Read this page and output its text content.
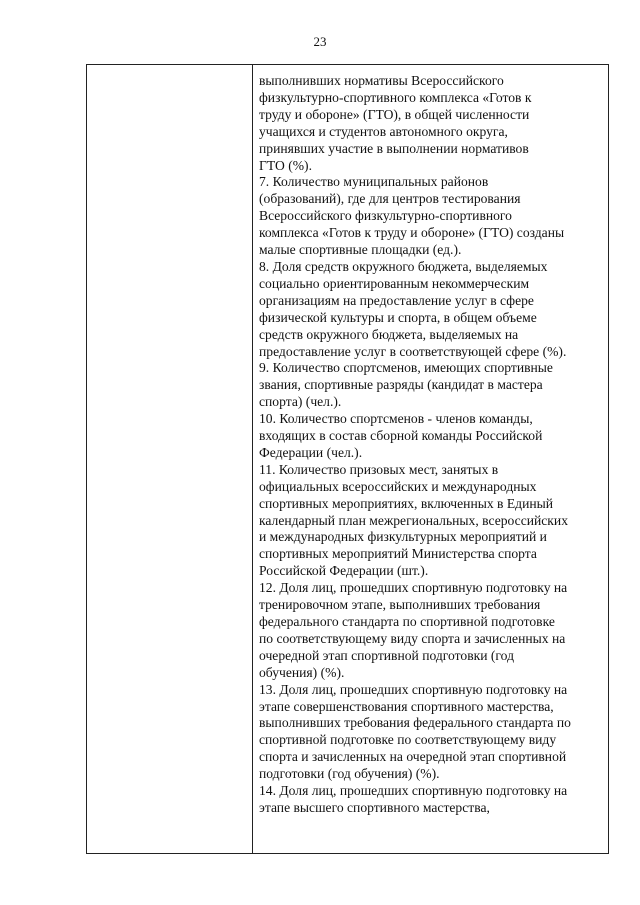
23
выполнивших нормативы Всероссийского
физкультурно-спортивного комплекса «Готов к
труду и обороне» (ГТО), в общей численности
учащихся и студентов автономного округа,
принявших участие в выполнении нормативов
ГТО (%).
7. Количество муниципальных районов
(образований), где для центров тестирования
Всероссийского физкультурно-спортивного
комплекса «Готов к труду и обороне» (ГТО) созданы
малые спортивные площадки (ед.).
8. Доля средств окружного бюджета, выделяемых
социально ориентированным некоммерческим
организациям на предоставление услуг в сфере
физической культуры и спорта, в общем объеме
средств окружного бюджета, выделяемых на
предоставление услуг в соответствующей сфере (%).
9. Количество спортсменов, имеющих спортивные
звания, спортивные разряды (кандидат в мастера
спорта) (чел.).
10. Количество спортсменов - членов команды,
входящих в состав сборной команды Российской
Федерации (чел.).
11. Количество призовых мест, занятых в
официальных всероссийских и международных
спортивных мероприятиях, включенных в Единый
календарный план межрегиональных, всероссийских
и международных физкультурных мероприятий и
спортивных мероприятий Министерства спорта
Российской Федерации (шт.).
12. Доля лиц, прошедших спортивную подготовку на
тренировочном этапе, выполнивших требования
федерального стандарта по спортивной подготовке
по соответствующему виду спорта и зачисленных на
очередной этап спортивной подготовки (год
обучения) (%).
13. Доля лиц, прошедших спортивную подготовку на
этапе совершенствования спортивного мастерства,
выполнивших требования федерального стандарта по
спортивной подготовке по соответствующему виду
спорта и зачисленных на очередной этап спортивной
подготовки (год обучения) (%).
14. Доля лиц, прошедших спортивную подготовку на
этапе высшего спортивного мастерства,
